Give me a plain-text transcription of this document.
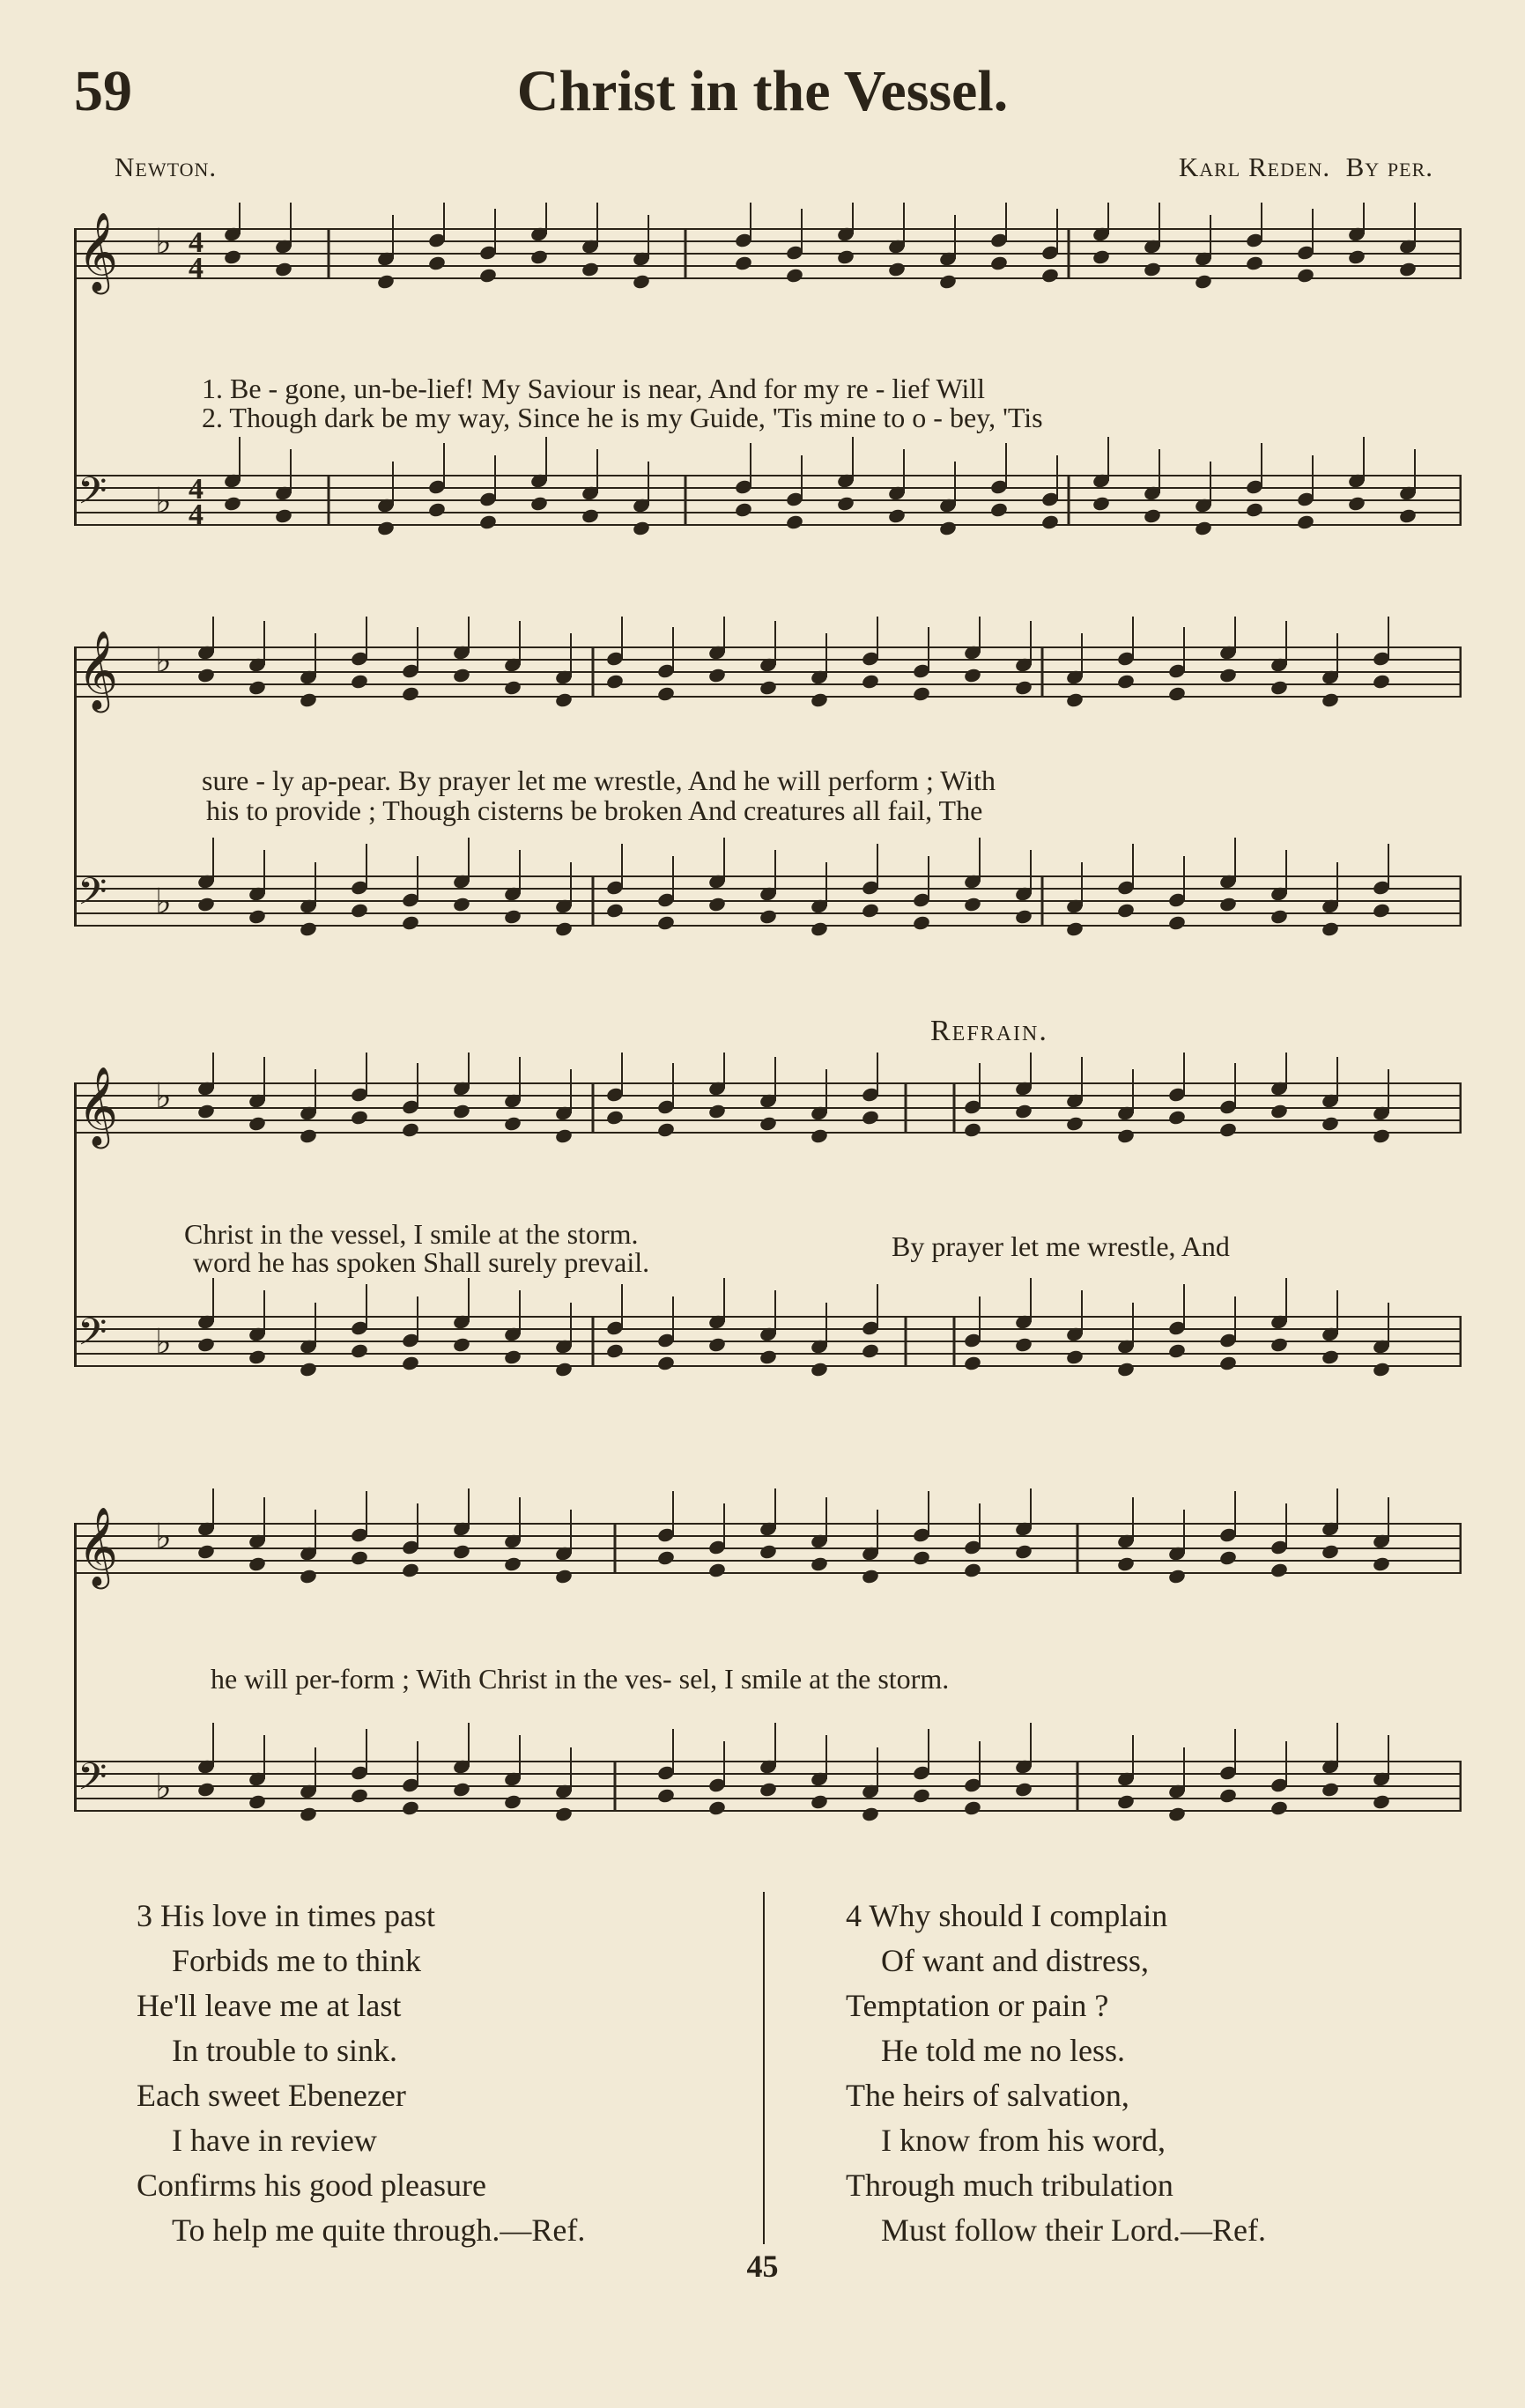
59	Christ in the Vessel.
Newton.	Karl Reden. By per.
𝄞 ♭ 4
4
𝄢 ♭ 4
4
1. Be - gone, un-be-lief! My Saviour is near, And for my re - lief Will
2. Though dark be my way, Since he is my Guide, 'Tis mine to o - bey, 'Tis
𝄞 ♭
𝄢 ♭
sure - ly ap-pear. By prayer let me wrestle, And he will perform ; With
his to provide ; Though cisterns be broken And creatures all fail, The
Refrain.
𝄞 ♭
𝄢 ♭
Christ in the vessel, I smile at the storm.
word he has spoken Shall surely prevail.	By prayer let me wrestle, And
𝄞 ♭
𝄢 ♭
he will per-form ; With Christ in the ves- sel, I smile at the storm.
3 His love in times past
Forbids me to think
He'll leave me at last
In trouble to sink.
Each sweet Ebenezer
I have in review
Confirms his good pleasure
To help me quite through.—Ref.
4 Why should I complain
Of want and distress,
Temptation or pain ?
He told me no less.
The heirs of salvation,
I know from his word,
Through much tribulation
Must follow their Lord.—Ref.
45
